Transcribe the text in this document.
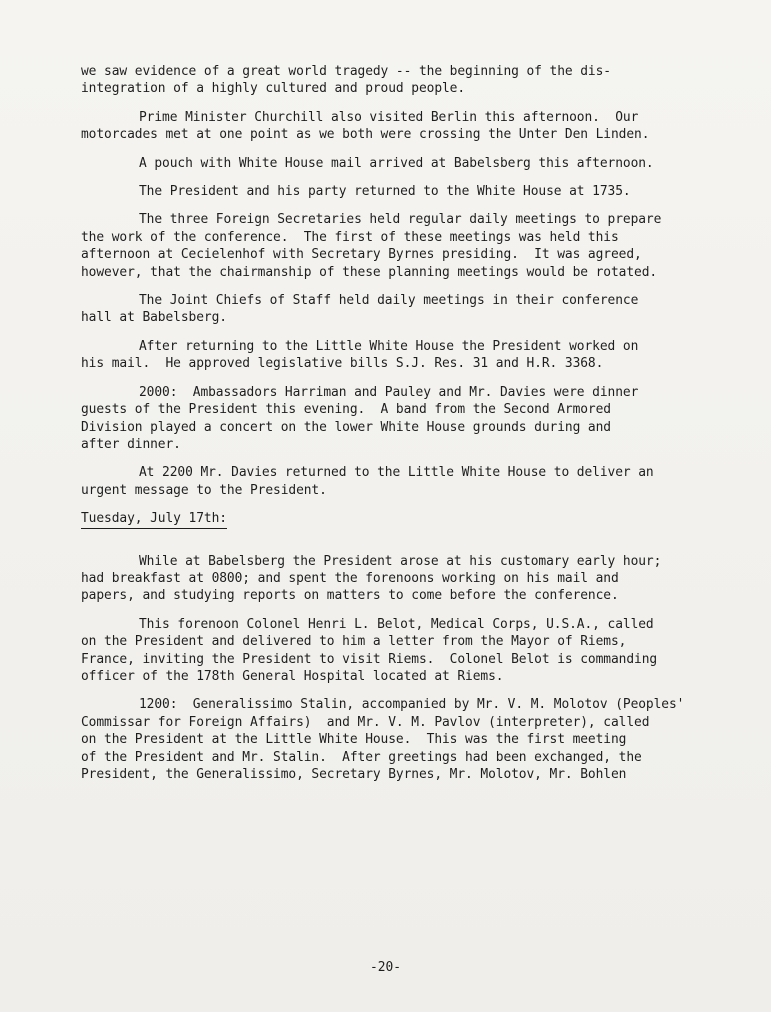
we saw evidence of a great world tragedy -- the beginning of the dis-
integration of a highly cultured and proud people.

Prime Minister Churchill also visited Berlin this afternoon.  Our
motorcades met at one point as we both were crossing the Unter Den Linden.

A pouch with White House mail arrived at Babelsberg this afternoon.

The President and his party returned to the White House at 1735.

The three Foreign Secretaries held regular daily meetings to prepare
the work of the conference.  The first of these meetings was held this
afternoon at Cecielenhof with Secretary Byrnes presiding.  It was agreed,
however, that the chairmanship of these planning meetings would be rotated.

The Joint Chiefs of Staff held daily meetings in their conference
hall at Babelsberg.

After returning to the Little White House the President worked on
his mail.  He approved legislative bills S.J. Res. 31 and H.R. 3368.

2000:  Ambassadors Harriman and Pauley and Mr. Davies were dinner
guests of the President this evening.  A band from the Second Armored
Division played a concert on the lower White House grounds during and
after dinner.

At 2200 Mr. Davies returned to the Little White House to deliver an
urgent message to the President.

Tuesday, July 17th:

While at Babelsberg the President arose at his customary early hour;
had breakfast at 0800; and spent the forenoons working on his mail and
papers, and studying reports on matters to come before the conference.

This forenoon Colonel Henri L. Belot, Medical Corps, U.S.A., called
on the President and delivered to him a letter from the Mayor of Riems,
France, inviting the President to visit Riems.  Colonel Belot is commanding
officer of the 178th General Hospital located at Riems.

1200:  Generalissimo Stalin, accompanied by Mr. V. M. Molotov (Peoples'
Commissar for Foreign Affairs)  and Mr. V. M. Pavlov (interpreter), called
on the President at the Little White House.  This was the first meeting
of the President and Mr. Stalin.  After greetings had been exchanged, the
President, the Generalissimo, Secretary Byrnes, Mr. Molotov, Mr. Bohlen

-20-
